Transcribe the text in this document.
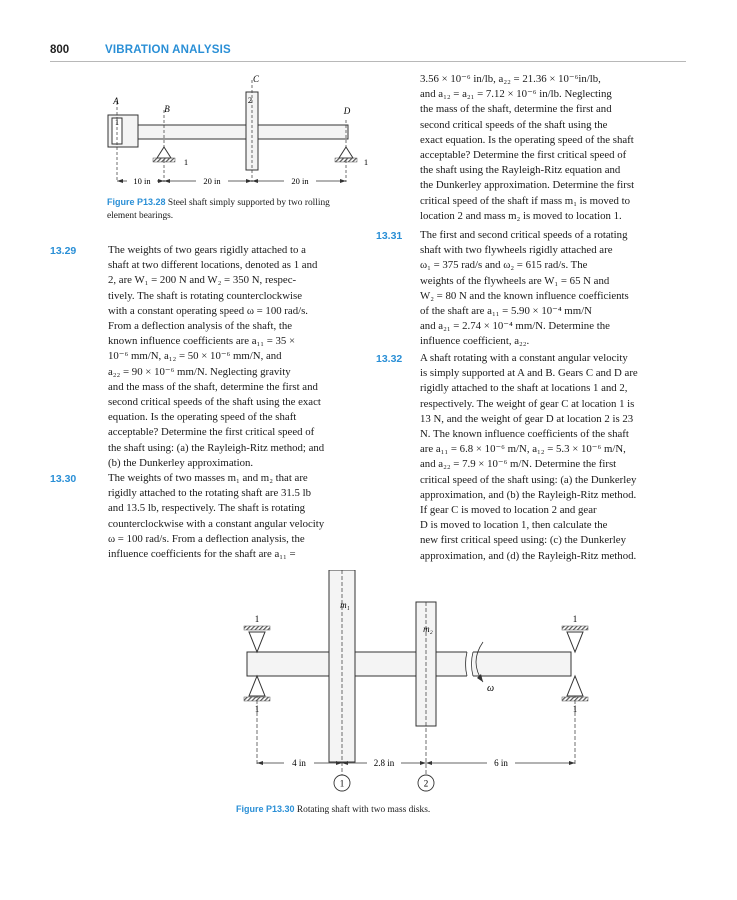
800	VIBRATION ANALYSIS
A
B
C
D
1
2
1	1
10 in	20 in	20 in
Figure P13.28 Steel shaft simply supported by two rolling
element bearings.
13.29	The weights of two gears rigidly attached to a
shaft at two different locations, denoted as 1 and
2, are W₁ = 200 N and W₂ = 350 N, respec-
tively. The shaft is rotating counterclockwise
with a constant operating speed ω = 100 rad/s.
From a deflection analysis of the shaft, the
known influence coefficients are a₁₁ = 35 ×
10⁻⁶ mm/N, a₁₂ = 50 × 10⁻⁶ mm/N, and
a₂₂ = 90 × 10⁻⁶ mm/N. Neglecting gravity
and the mass of the shaft, determine the first and
second critical speeds of the shaft using the exact
equation. Is the operating speed of the shaft
acceptable? Determine the first critical speed of
the shaft using: (a) the Rayleigh-Ritz method; and
(b) the Dunkerley approximation.
13.30	The weights of two masses m₁ and m₂ that are
rigidly attached to the rotating shaft are 31.5 lb
and 13.5 lb, respectively. The shaft is rotating
counterclockwise with a constant angular velocity
ω = 100 rad/s. From a deflection analysis, the
influence coefficients for the shaft are a₁₁ =
3.56 × 10⁻⁶ in/lb, a₂₂ = 21.36 × 10⁻⁶in/lb,
and a₁₂ = a₂₁ = 7.12 × 10⁻⁶ in/lb. Neglecting
the mass of the shaft, determine the first and
second critical speeds of the shaft using the
exact equation. Is the operating speed of the shaft
acceptable? Determine the first critical speed of
the shaft using the Rayleigh-Ritz equation and
the Dunkerley approximation. Determine the first
critical speed of the shaft if mass m₁ is moved to
location 2 and mass m₂ is moved to location 1.
13.31 The first and second critical speeds of a rotating
shaft with two flywheels rigidly attached are
ω₁ = 375 rad/s and ω₂ = 615 rad/s. The
weights of the flywheels are W₁ = 65 N and
W₂ = 80 N and the known influence coefficients
of the shaft are a₁₁ = 5.90 × 10⁻⁴ mm/N
and a₂₁ = 2.74 × 10⁻⁴ mm/N. Determine the
influence coefficient, a₂₂.
13.32 A shaft rotating with a constant angular velocity
is simply supported at A and B. Gears C and D are
rigidly attached to the shaft at locations 1 and 2,
respectively. The weight of gear C at location 1 is
13 N, and the weight of gear D at location 2 is 23
N. The known influence coefficients of the shaft
are a₁₁ = 6.8 × 10⁻⁶ m/N, a₁₂ = 5.3 × 10⁻⁶ m/N,
and a₂₂ = 7.9 × 10⁻⁶ m/N. Determine the first
critical speed of the shaft using: (a) the Dunkerley
approximation, and (b) the Rayleigh-Ritz method.
If gear C is moved to location 2 and gear
D is moved to location 1, then calculate the
new first critical speed using: (c) the Dunkerley
approximation, and (d) the Rayleigh-Ritz method.
ω
m₁
m₂
1
1
1
1
4 in	2.8 in	6 in
1	2
Figure P13.30 Rotating shaft with two mass disks.
